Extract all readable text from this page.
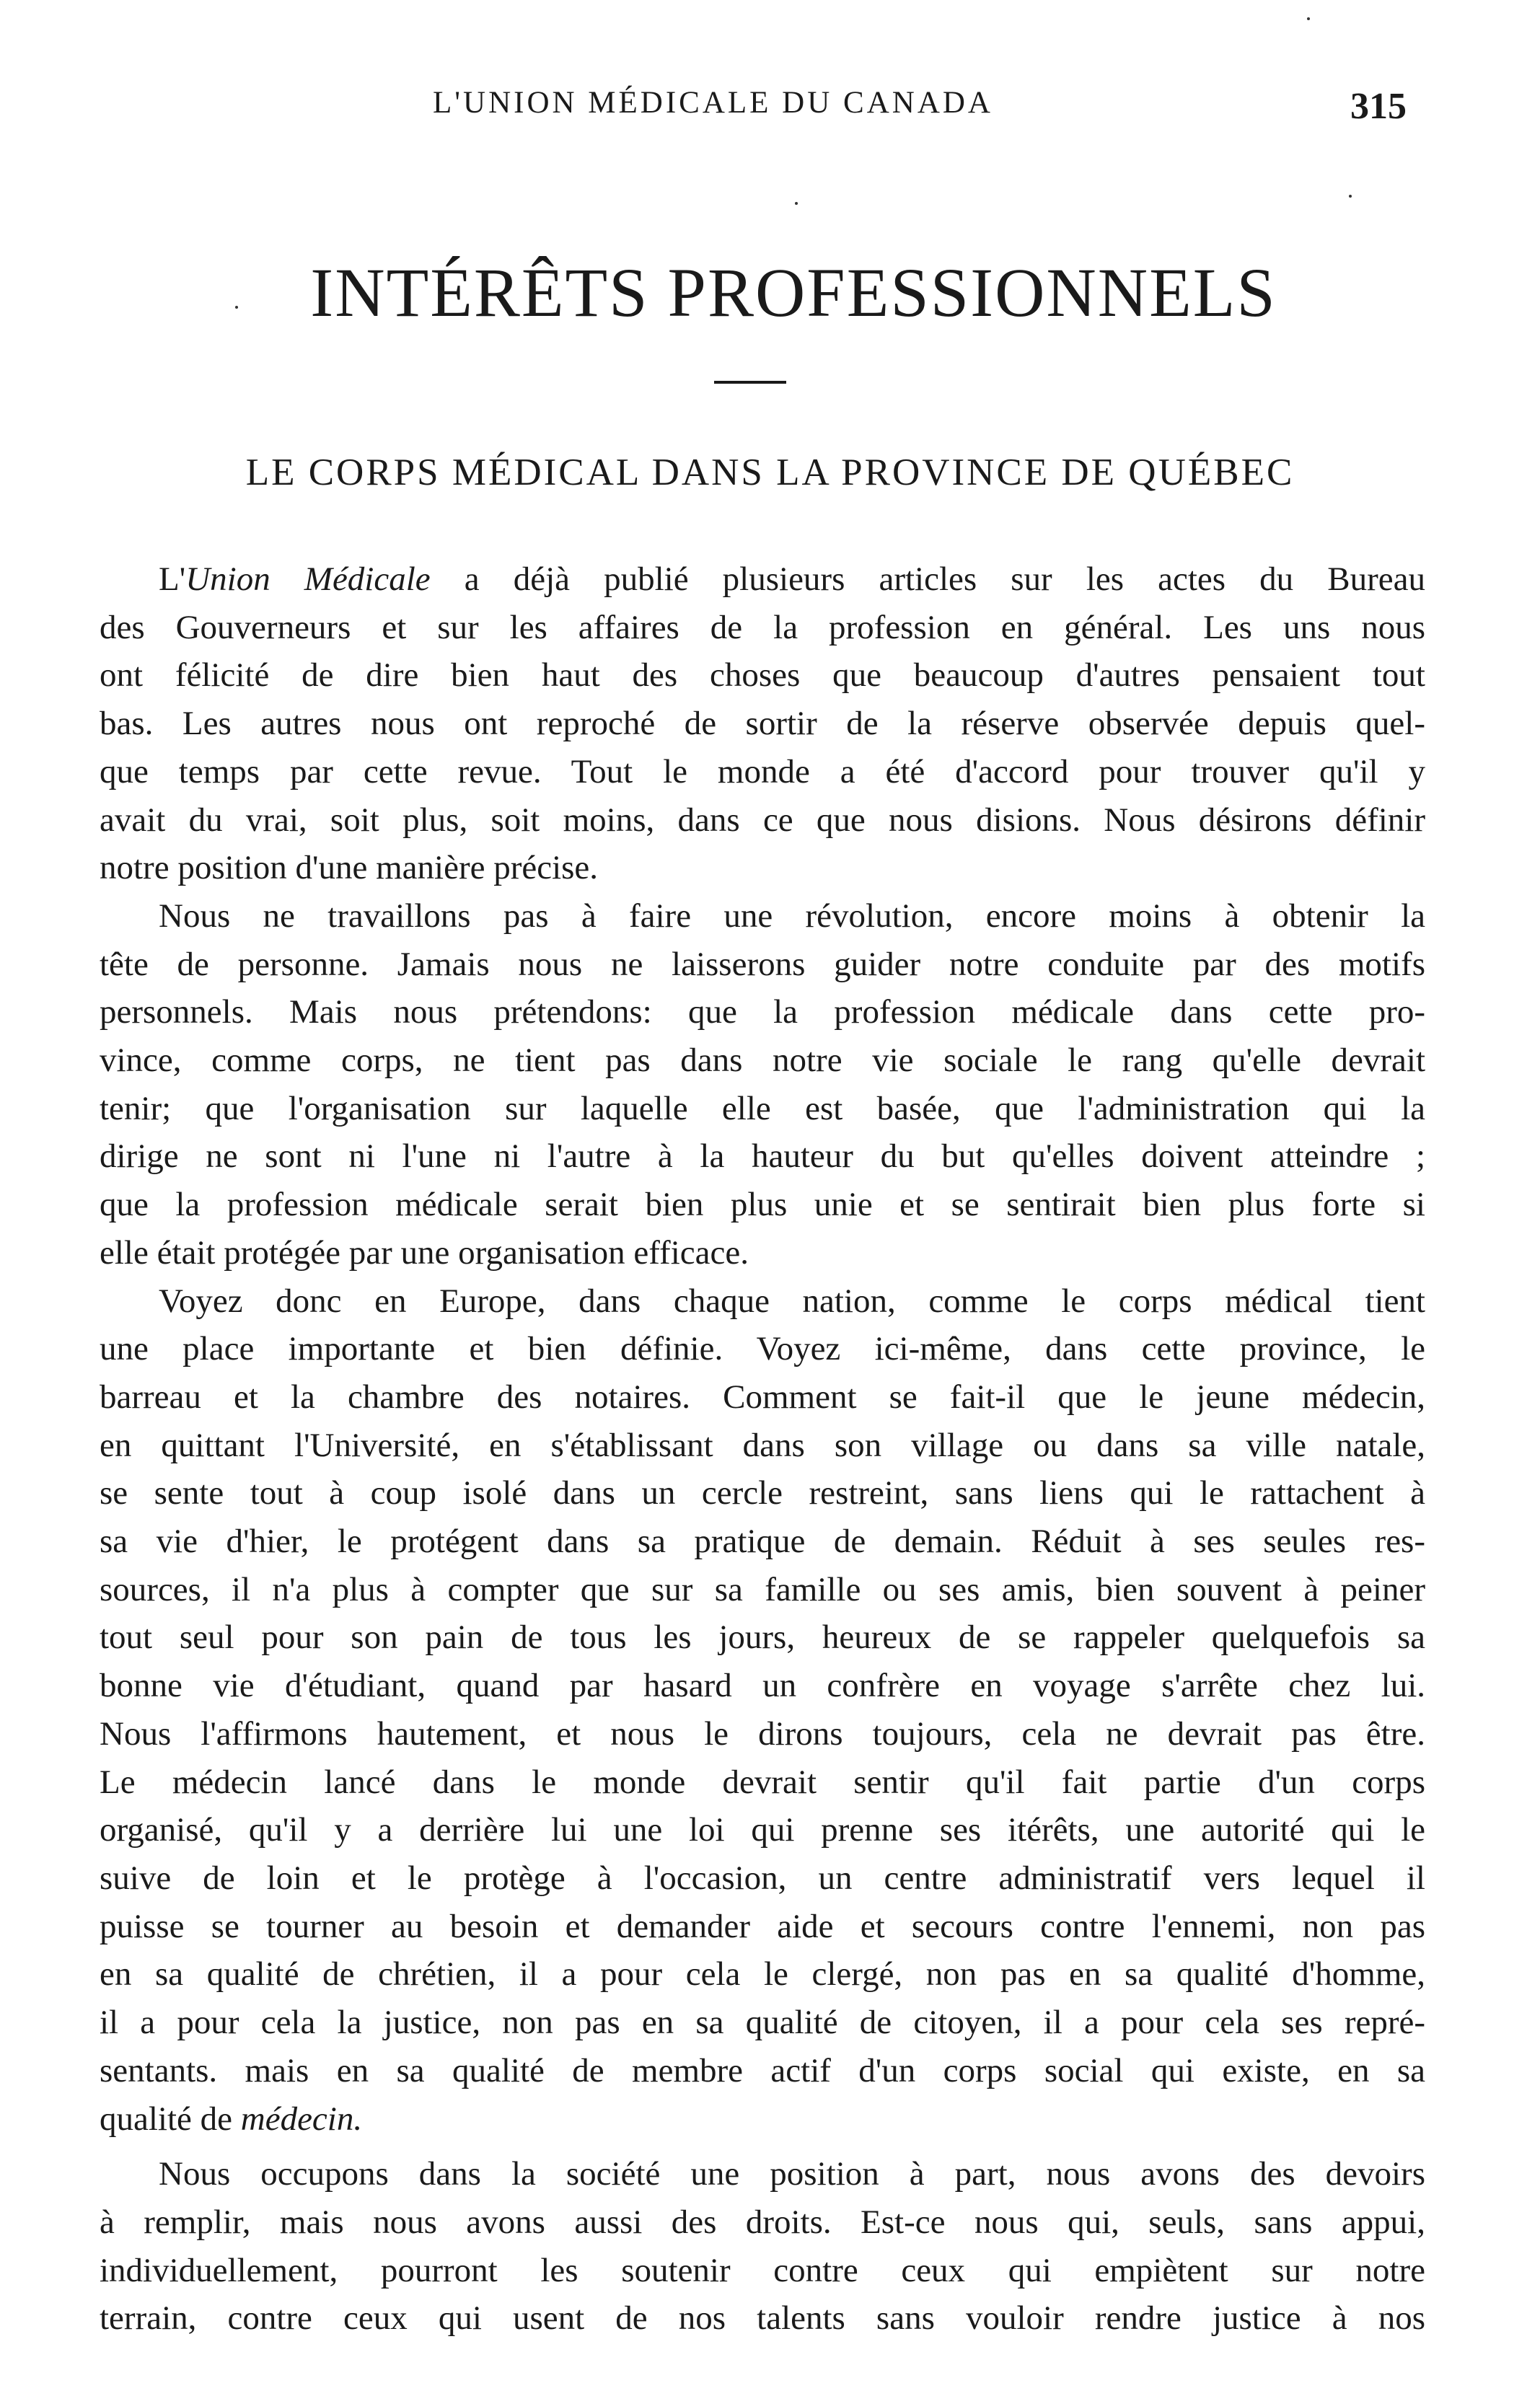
L'UNION MÉDICALE DU CANADA	315
INTÉRÊTS PROFESSIONNELS
LE CORPS MÉDICAL DANS LA PROVINCE DE QUÉBEC

L'Union Médicale a déjà publié plusieurs articles sur les actes du Bureau
des Gouverneurs et sur les affaires de la profession en général. Les uns nous
ont félicité de dire bien haut des choses que beaucoup d'autres pensaient tout
bas. Les autres nous ont reproché de sortir de la réserve observée depuis quel-
que temps par cette revue. Tout le monde a été d'accord pour trouver qu'il y
avait du vrai, soit plus, soit moins, dans ce que nous disions. Nous désirons définir
notre position d'une manière précise.

Nous ne travaillons pas à faire une révolution, encore moins à obtenir la
tête de personne. Jamais nous ne laisserons guider notre conduite par des motifs
personnels. Mais nous prétendons: que la profession médicale dans cette pro-
vince, comme corps, ne tient pas dans notre vie sociale le rang qu'elle devrait
tenir; que l'organisation sur laquelle elle est basée, que l'administration qui la
dirige ne sont ni l'une ni l'autre à la hauteur du but qu'elles doivent atteindre ;
que la profession médicale serait bien plus unie et se sentirait bien plus forte si
elle était protégée par une organisation efficace.

Voyez donc en Europe, dans chaque nation, comme le corps médical tient
une place importante et bien définie. Voyez ici-même, dans cette province, le
barreau et la chambre des notaires. Comment se fait-il que le jeune médecin,
en quittant l'Université, en s'établissant dans son village ou dans sa ville natale,
se sente tout à coup isolé dans un cercle restreint, sans liens qui le rattachent à
sa vie d'hier, le protégent dans sa pratique de demain. Réduit à ses seules res-
sources, il n'a plus à compter que sur sa famille ou ses amis, bien souvent à peiner
tout seul pour son pain de tous les jours, heureux de se rappeler quelquefois sa
bonne vie d'étudiant, quand par hasard un confrère en voyage s'arrête chez lui.
Nous l'affirmons hautement, et nous le dirons toujours, cela ne devrait pas être.
Le médecin lancé dans le monde devrait sentir qu'il fait partie d'un corps
organisé, qu'il y a derrière lui une loi qui prenne ses itérêts, une autorité qui le
suive de loin et le protège à l'occasion, un centre administratif vers lequel il
puisse se tourner au besoin et demander aide et secours contre l'ennemi, non pas
en sa qualité de chrétien, il a pour cela le clergé, non pas en sa qualité d'homme,
il a pour cela la justice, non pas en sa qualité de citoyen, il a pour cela ses repré-
sentants. mais en sa qualité de membre actif d'un corps social qui existe, en sa
qualité de médecin.

Nous occupons dans la société une position à part, nous avons des devoirs
à remplir, mais nous avons aussi des droits. Est-ce nous qui, seuls, sans appui,
individuellement, pourront les soutenir contre ceux qui empiètent sur notre
terrain, contre ceux qui usent de nos talents sans vouloir rendre justice à nos
